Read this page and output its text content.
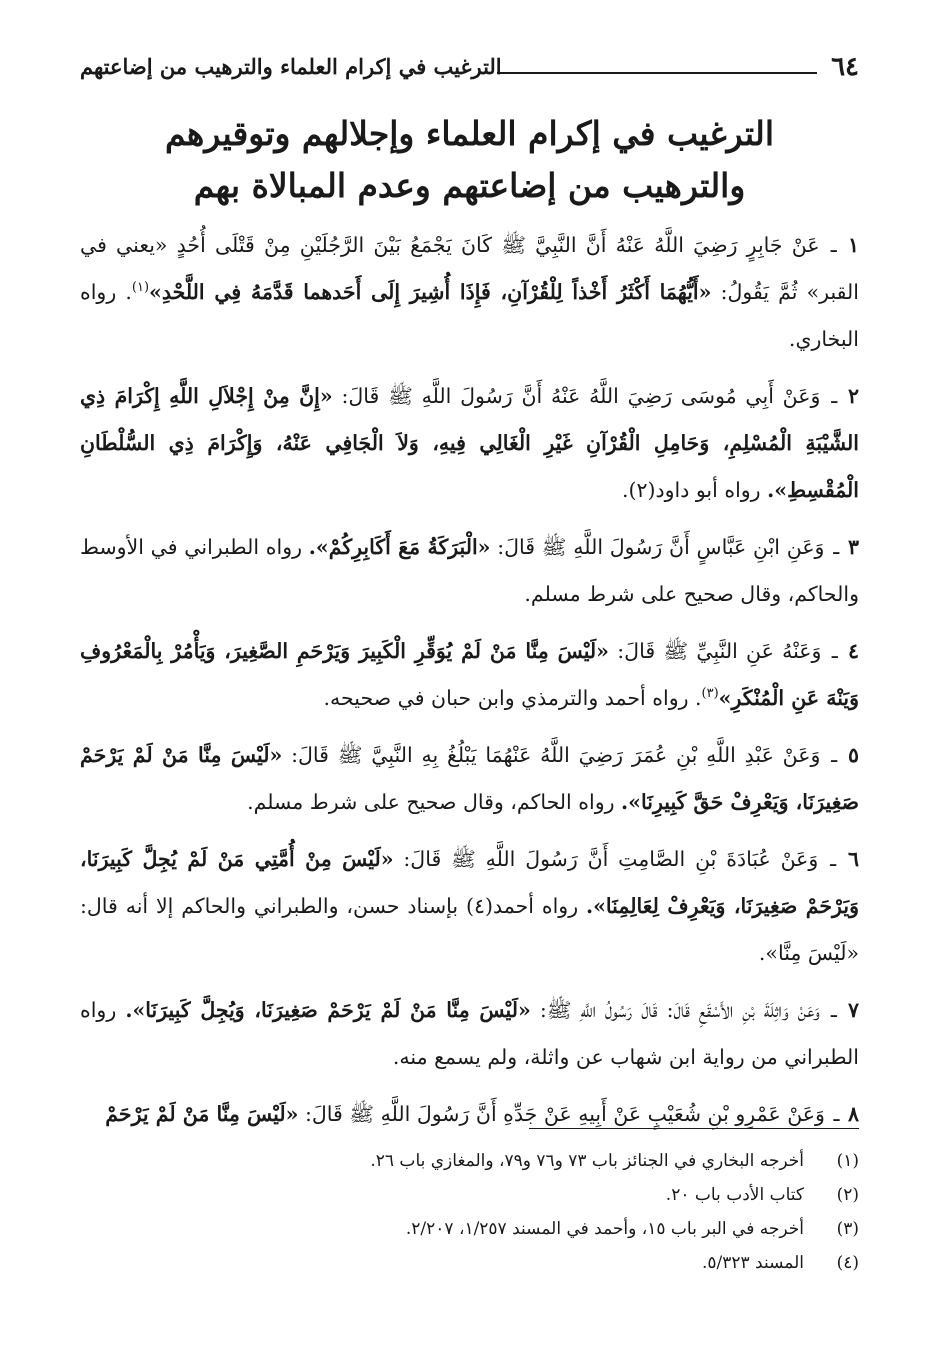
٦٤
الترغيب في إكرام العلماء والترهيب من إضاعتهم
الترغيب في إكرام العلماء وإجلالهم وتوقيرهم
والترهيب من إضاعتهم وعدم المبالاة بهم

١ ـ عَنْ جَابِرٍ رَضِيَ اللَّهُ عَنْهُ أَنَّ النَّبِيَّ ﷺ كَانَ يَجْمَعُ بَيْنَ الرَّجُلَيْنِ مِنْ قَتْلَى أُحُدٍ «يعني في القبر» ثُمَّ يَقُولُ: «أَيُّهُمَا أَكْثَرُ أَخْذاً لِلْقُرْآنِ، فَإِذَا أُشِيرَ إِلَى أَحَدهما قَدَّمَهُ فِي اللَّحْدِ»$^{(١)}$. رواه البخاري.

٢ ـ وَعَنْ أَبِي مُوسَى رَضِيَ اللَّهُ عَنْهُ أَنَّ رَسُولَ اللَّهِ ﷺ قَالَ: «إِنَّ مِنْ إِجْلاَلِ اللَّهِ إِكْرَامَ ذِي الشَّيْبَةِ الْمُسْلِمِ، وَحَامِلِ الْقُرْآنِ غَيْرِ الْغَالِي فِيهِ، وَلاَ الْجَافِي عَنْهُ، وَإِكْرَامَ ذِي السُّلْطَانِ الْمُقْسِطِ». رواه أبو داود(٢).

٣ ـ وَعَنِ ابْنِ عَبَّاسٍ أَنَّ رَسُولَ اللَّهِ ﷺ قَالَ: «الْبَرَكَةُ مَعَ أَكَابِرِكُمْ». رواه الطبراني في الأوسط والحاكم، وقال صحيح على شرط مسلم.

٤ ـ وَعَنْهُ عَنِ النَّبِيِّ ﷺ قَالَ: «لَيْسَ مِنَّا مَنْ لَمْ يُوَقِّرِ الْكَبِيرَ وَيَرْحَمِ الصَّغِيرَ، وَيَأْمُرْ بِالْمَعْرُوفِ وَيَنْهَ عَنِ الْمُنْكَرِ»$^{(٣)}$. رواه أحمد والترمذي وابن حبان في صحيحه.

٥ ـ وَعَنْ عَبْدِ اللَّهِ بْنِ عُمَرَ رَضِيَ اللَّهُ عَنْهُمَا يَبْلُغُ بِهِ النَّبِيَّ ﷺ قَالَ: «لَيْسَ مِنَّا مَنْ لَمْ يَرْحَمْ صَغِيرَنَا، وَيَعْرِفْ حَقَّ كَبِيرِنَا». رواه الحاكم، وقال صحيح على شرط مسلم.

٦ ـ وَعَنْ عُبَادَةَ بْنِ الصَّامِتِ أَنَّ رَسُولَ اللَّهِ ﷺ قَالَ: «لَيْسَ مِنْ أُمَّتِي مَنْ لَمْ يُجِلَّ كَبِيرَنَا، وَيَرْحَمْ صَغِيرَنَا، وَيَعْرِفْ لِعَالِمِنَا». رواه أحمد(٤) بإسناد حسن، والطبراني والحاكم إلا أنه قال: «لَيْسَ مِنَّا».

٧ ـ وَعَنْ وَاثِلَةَ بْنِ الأَسْقَعِ قَالَ: قَالَ رَسُولُ اللَّهِ ﷺ: «لَيْسَ مِنَّا مَنْ لَمْ يَرْحَمْ صَغِيرَنَا، وَيُجِلَّ كَبِيرَنَا». رواه الطبراني من رواية ابن شهاب عن واثلة، ولم يسمع منه.

٨ ـ وَعَنْ عَمْرِو بْنِ شُعَيْبٍ عَنْ أَبِيهِ عَنْ جَدِّهِ أَنَّ رَسُولَ اللَّهِ ﷺ قَالَ: «لَيْسَ مِنَّا مَنْ لَمْ يَرْحَمْ

(١)
أخرجه البخاري في الجنائز باب ٧٣ و٧٦ و٧٩، والمغازي باب ٢٦.
(٢)
كتاب الأدب باب ٢٠.
(٣)
أخرجه في البر باب ١٥، وأحمد في المسند ١/٢٥٧، ٢/٢٠٧.
(٤)
المسند ٥/٣٢٣.
